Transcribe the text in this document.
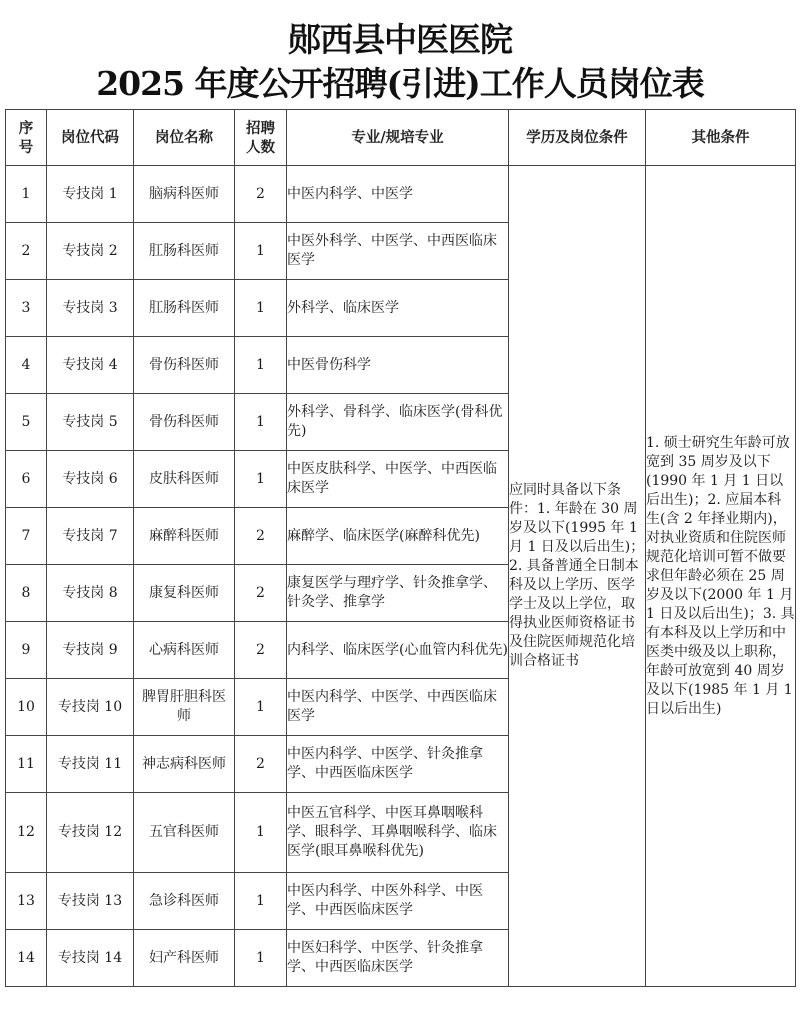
郧西县中医医院
2025 年度公开招聘(引进)工作人员岗位表
序号	岗位代码	岗位名称	招聘人数	专业/规培专业	学历及岗位条件	其他条件
1	专技岗 1	脑病科医师	2	中医内科学、中医学	应同时具备以下条件：1. 年龄在 30 周岁及以下(1995 年 1 月 1 日及以后出生)；2. 具备普通全日制本科及以上学历、医学学士及以上学位，取得执业医师资格证书及住院医师规范化培训合格证书	1. 硕士研究生年龄可放宽到 35 周岁及以下(1990 年 1 月 1 日以后出生)；2. 应届本科生(含 2 年择业期内)，对执业资质和住院医师规范化培训可暂不做要求但年龄必须在 25 周岁及以下(2000 年 1 月 1 日及以后出生)；3. 具有本科及以上学历和中医类中级及以上职称，年龄可放宽到 40 周岁及以下(1985 年 1 月 1 日以后出生)
2	专技岗 2	肛肠科医师	1	中医外科学、中医学、中西医临床医学		
3	专技岗 3	肛肠科医师	1	外科学、临床医学		
4	专技岗 4	骨伤科医师	1	中医骨伤科学		
5	专技岗 5	骨伤科医师	1	外科学、骨科学、临床医学(骨科优先)		
6	专技岗 6	皮肤科医师	1	中医皮肤科学、中医学、中西医临床医学		
7	专技岗 7	麻醉科医师	2	麻醉学、临床医学(麻醉科优先)		
8	专技岗 8	康复科医师	2	康复医学与理疗学、针灸推拿学、针灸学、推拿学		
9	专技岗 9	心病科医师	2	内科学、临床医学(心血管内科优先)		
10	专技岗 10	脾胃肝胆科医师	1	中医内科学、中医学、中西医临床医学		
11	专技岗 11	神志病科医师	2	中医内科学、中医学、针灸推拿学、中西医临床医学		
12	专技岗 12	五官科医师	1	中医五官科学、中医耳鼻咽喉科学、眼科学、耳鼻咽喉科学、临床医学(眼耳鼻喉科优先)		
13	专技岗 13	急诊科医师	1	中医内科学、中医外科学、中医学、中西医临床医学		
14	专技岗 14	妇产科医师	1	中医妇科学、中医学、针灸推拿学、中西医临床医学		
